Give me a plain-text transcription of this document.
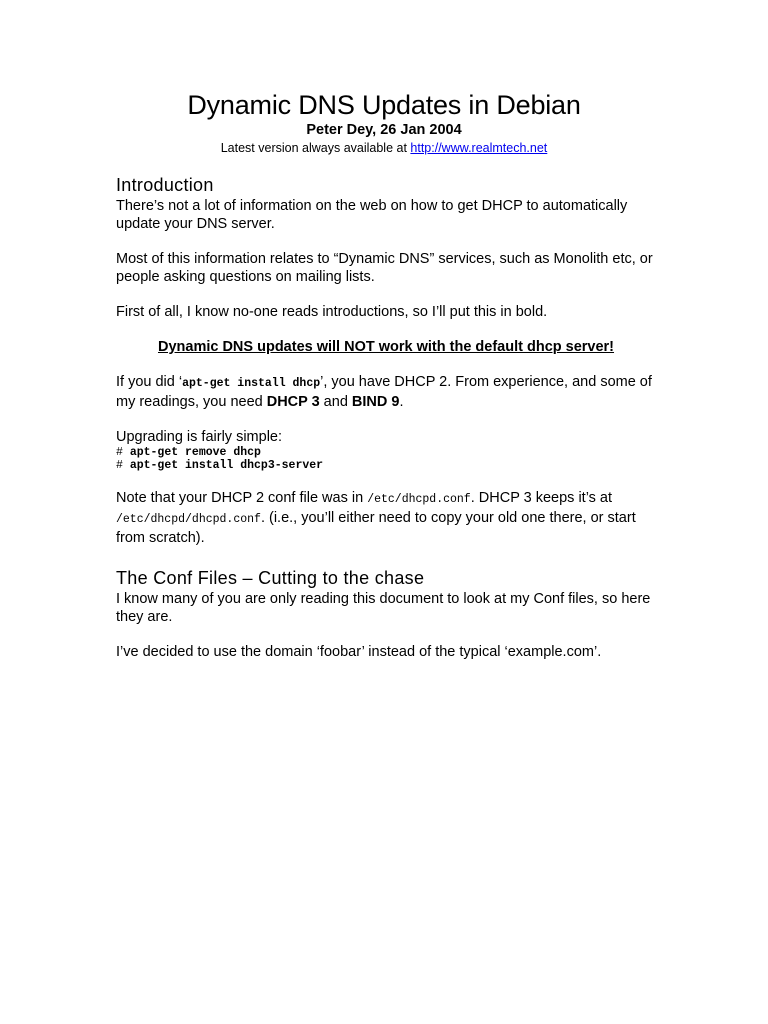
Dynamic DNS Updates in Debian
Peter Dey, 26 Jan 2004
Latest version always available at http://www.realmtech.net
Introduction

There’s not a lot of information on the web on how to get DHCP to automatically update your DNS server.

Most of this information relates to “Dynamic DNS” services, such as Monolith etc, or people asking questions on mailing lists.

First of all, I know no-one reads introductions, so I’ll put this in bold.

Dynamic DNS updates will NOT work with the default dhcp server!

If you did ‘apt-get install dhcp’, you have DHCP 2. From experience, and some of my readings, you need DHCP 3 and BIND 9.

Upgrading is fairly simple:

# apt-get remove dhcp
# apt-get install dhcp3-server

Note that your DHCP 2 conf file was in /etc/dhcpd.conf. DHCP 3 keeps it’s at /etc/dhcpd/dhcpd.conf. (i.e., you’ll either need to copy your old one there, or start from scratch).

The Conf Files – Cutting to the chase

I know many of you are only reading this document to look at my Conf files, so here they are.

I’ve decided to use the domain ‘foobar’ instead of the typical ‘example.com’.
